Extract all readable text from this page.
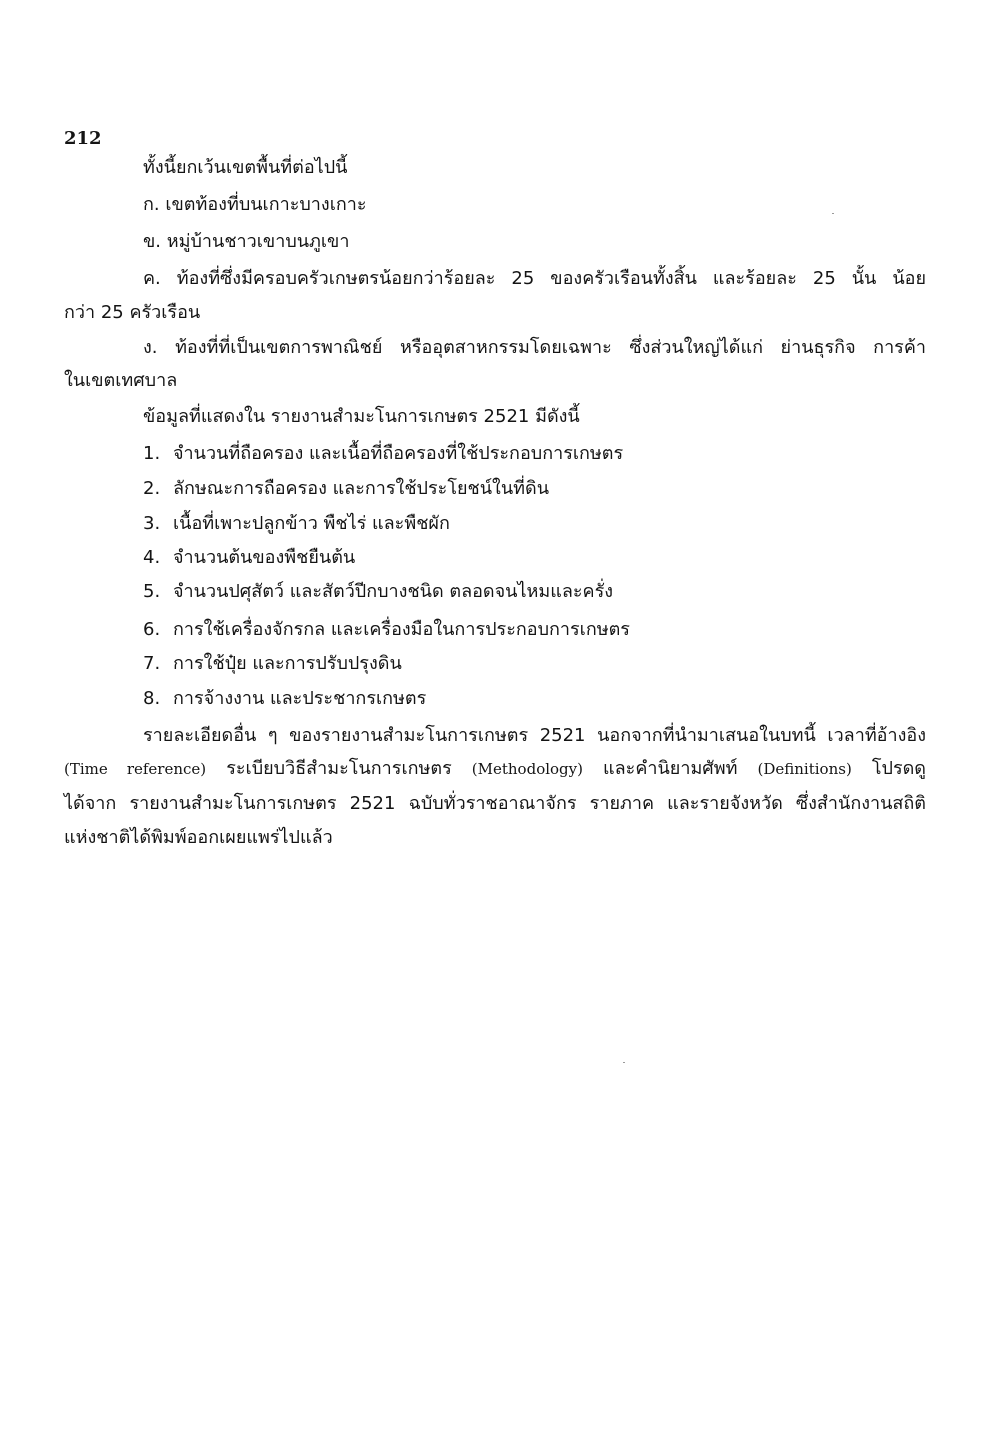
212
ทั้งนี้ยกเว้นเขตพื้นที่ต่อไปนี้
ก. เขตท้องที่บนเกาะบางเกาะ
ข. หมู่บ้านชาวเขาบนภูเขา
ค. ท้องที่ซึ่งมีครอบครัวเกษตรน้อยกว่าร้อยละ 25 ของครัวเรือนทั้งสิ้น และร้อยละ 25 นั้น น้อย
กว่า 25 ครัวเรือน
ง. ท้องที่ที่เป็นเขตการพาณิชย์ หรืออุตสาหกรรมโดยเฉพาะ ซึ่งส่วนใหญ่ได้แก่ ย่านธุรกิจ การค้า
ในเขตเทศบาล
ข้อมูลที่แสดงใน รายงานสำมะโนการเกษตร 2521 มีดังนี้
1. จำนวนที่ถือครอง และเนื้อที่ถือครองที่ใช้ประกอบการเกษตร
2. ลักษณะการถือครอง และการใช้ประโยชน์ในที่ดิน
3. เนื้อที่เพาะปลูกข้าว พืชไร่ และพืชผัก
4. จำนวนต้นของพืชยืนต้น
5. จำนวนปศุสัตว์ และสัตว์ปีกบางชนิด ตลอดจนไหมและครั่ง
6. การใช้เครื่องจักรกล และเครื่องมือในการประกอบการเกษตร
7. การใช้ปุ๋ย และการปรับปรุงดิน
8. การจ้างงาน และประชากรเกษตร
รายละเอียดอื่น ๆ ของรายงานสำมะโนการเกษตร 2521 นอกจากที่นำมาเสนอในบทนี้ เวลาที่อ้างอิง
(Time reference) ระเบียบวิธีสำมะโนการเกษตร (Methodology) และคำนิยามศัพท์ (Definitions) โปรดดู
ได้จาก รายงานสำมะโนการเกษตร 2521 ฉบับทั่วราชอาณาจักร รายภาค และรายจังหวัด ซึ่งสำนักงานสถิติ
แห่งชาติได้พิมพ์ออกเผยแพร่ไปแล้ว
